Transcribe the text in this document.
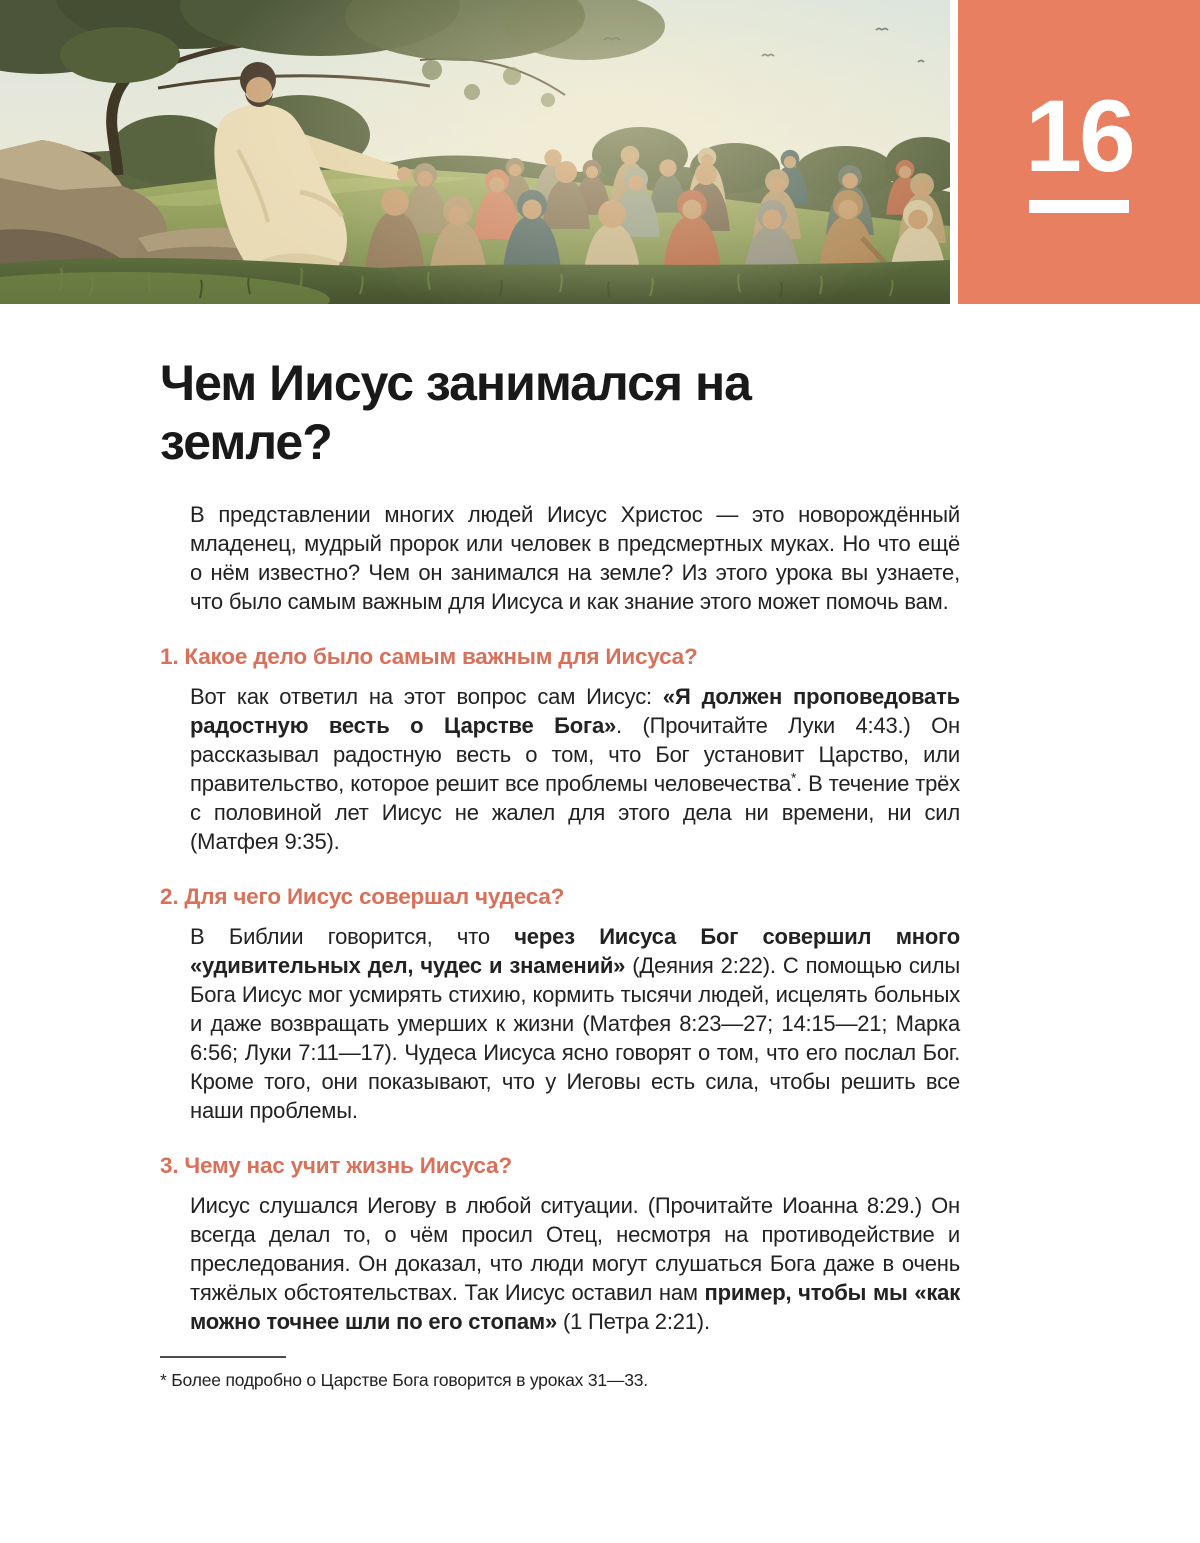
16
Чем Иисус занимался на земле?

В представлении многих людей Иисус Христос — это новорождённый младенец, мудрый пророк или человек в предсмертных муках. Но что ещё о нём известно? Чем он занимался на земле? Из этого урока вы узнаете, что было самым важным для Иисуса и как знание этого может помочь вам.

1. Какое дело было самым важным для Иисуса?

Вот как ответил на этот вопрос сам Иисус: «Я должен проповедовать радостную весть о Царстве Бога». (Прочитайте Луки 4:43.) Он рассказывал радостную весть о том, что Бог установит Царство, или правительство, которое решит все проблемы человечества*. В течение трёх с половиной лет Иисус не жалел для этого дела ни времени, ни сил (Матфея 9:35).

2. Для чего Иисус совершал чудеса?

В Библии говорится, что через Иисуса Бог совершил много «удивительных дел, чудес и знамений» (Деяния 2:22). С помощью силы Бога Иисус мог усмирять стихию, кормить тысячи людей, исцелять больных и даже возвращать умерших к жизни (Матфея 8:23—27; 14:15—21; Марка 6:56; Луки 7:11—17). Чудеса Иисуса ясно говорят о том, что его послал Бог. Кроме того, они показывают, что у Иеговы есть сила, чтобы решить все наши проблемы.

3. Чему нас учит жизнь Иисуса?

Иисус слушался Иегову в любой ситуации. (Прочитайте Иоанна 8:29.) Он всегда делал то, о чём просил Отец, несмотря на противодействие и преследования. Он доказал, что люди могут слушаться Бога даже в очень тяжёлых обстоятельствах. Так Иисус оставил нам пример, чтобы мы «как можно точнее шли по его стопам» (1 Петра 2:21).

* Более подробно о Царстве Бога говорится в уроках 31—33.
